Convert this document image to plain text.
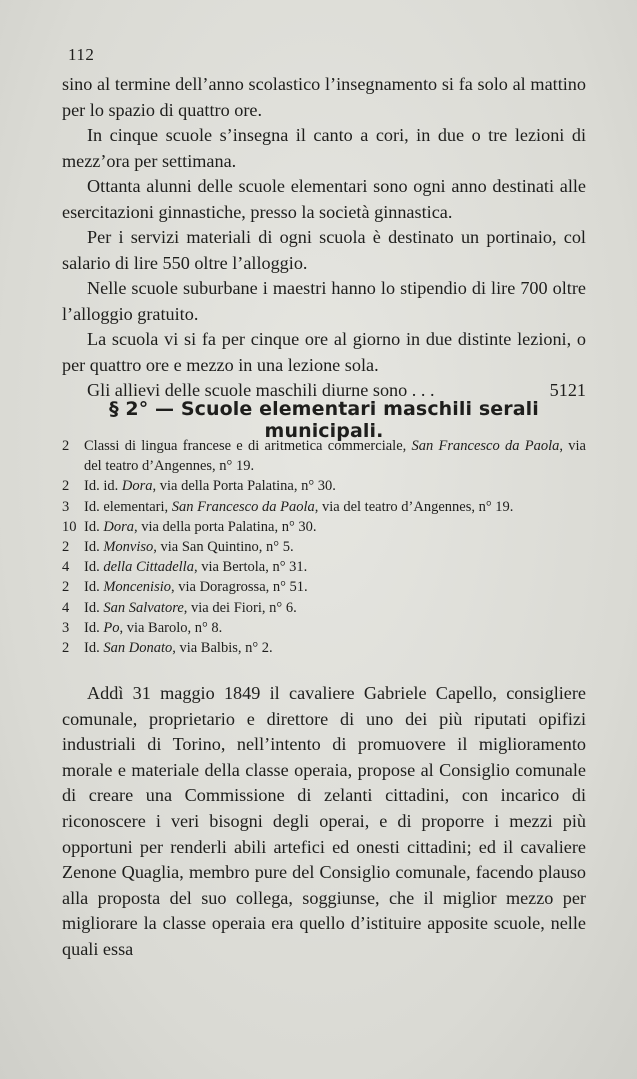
112

sino al termine dell’anno scolastico l’insegnamento si fa solo al mattino per lo spazio di quattro ore.

In cinque scuole s’insegna il canto a cori, in due o tre lezioni di mezz’ora per settimana.

Ottanta alunni delle scuole elementari sono ogni anno destinati alle esercitazioni ginnastiche, presso la società ginnastica.

Per i servizi materiali di ogni scuola è destinato un portinaio, col salario di lire 550 oltre l’alloggio.

Nelle scuole suburbane i maestri hanno lo stipendio di lire 700 oltre l’alloggio gratuito.

La scuola vi si fa per cinque ore al giorno in due distinte lezioni, o per quattro ore e mezzo in una lezione sola.

Gli allievi delle scuole maschili diurne sono . . .	5121

§ 2° — Scuole elementari maschili serali municipali.
2	Classi di lingua francese e di aritmetica commerciale, San Francesco da Paola, via del teatro d’Angennes, n° 19.
2	Id. id. Dora, via della Porta Palatina, n° 30.
3	Id. elementari, San Francesco da Paola, via del teatro d’Angennes, n° 19.
10 Id. Dora, via della porta Palatina, n° 30.
2	Id. Monviso, via San Quintino, n° 5.
4	Id. della Cittadella, via Bertola, n° 31.
2	Id. Moncenisio, via Doragrossa, n° 51.
4	Id. San Salvatore, via dei Fiori, n° 6.
3	Id. Po, via Barolo, n° 8.
2	Id. San Donato, via Balbis, n° 2.

Addì 31 maggio 1849 il cavaliere Gabriele Capello, consigliere comunale, proprietario e direttore di uno dei più riputati opifizi industriali di Torino, nell’intento di promuovere il miglioramento morale e materiale della classe operaia, propose al Consiglio comunale di creare una Commissione di zelanti cittadini, con incarico di riconoscere i veri bisogni degli operai, e di proporre i mezzi più opportuni per renderli abili artefici ed onesti cittadini; ed il cavaliere Zenone Quaglia, membro pure del Consiglio comunale, facendo plauso alla proposta del suo collega, soggiunse, che il miglior mezzo per migliorare la classe operaia era quello d’istituire apposite scuole, nelle quali essa
